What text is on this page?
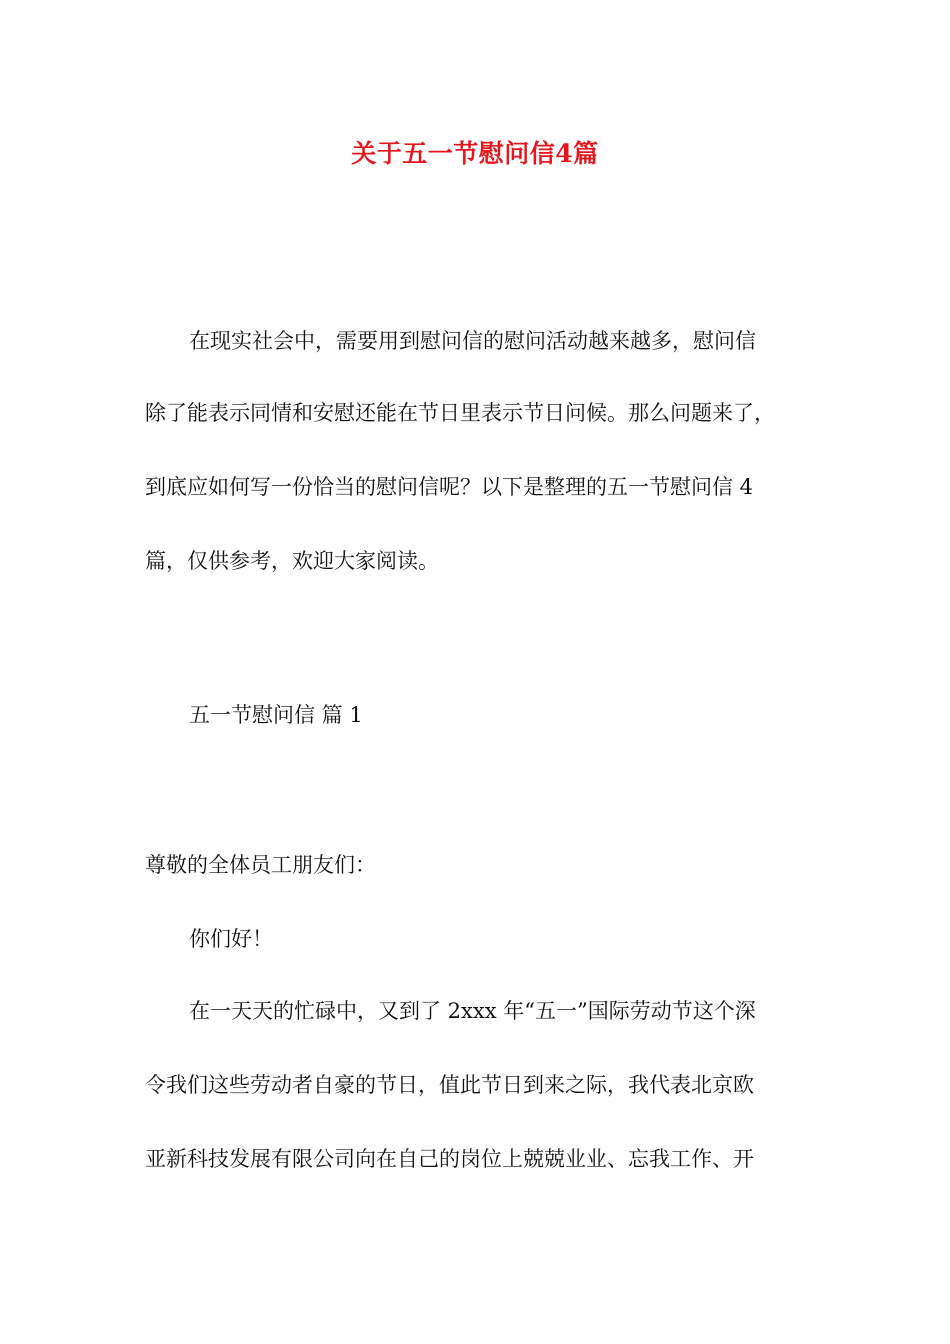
关于五一节慰问信4篇
在现实社会中，需要用到慰问信的慰问活动越来越多，慰问信
除了能表示同情和安慰还能在节日里表示节日问候。那么问题来了，
到底应如何写一份恰当的慰问信呢？以下是整理的五一节慰问信 4
篇，仅供参考，欢迎大家阅读。
五一节慰问信 篇 1
尊敬的全体员工朋友们：
你们好！
在一天天的忙碌中，又到了 2xxx 年“五一”国际劳动节这个深
令我们这些劳动者自豪的节日，值此节日到来之际，我代表北京欧
亚新科技发展有限公司向在自己的岗位上兢兢业业、忘我工作、开
